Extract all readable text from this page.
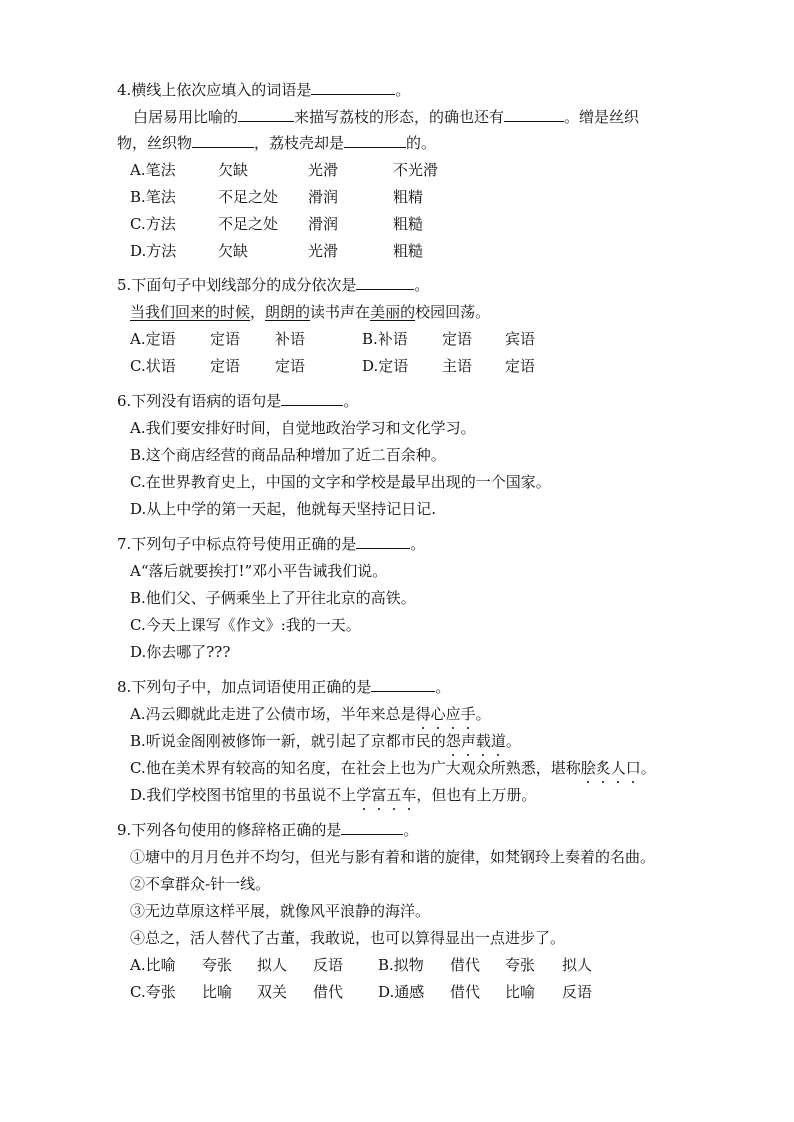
4.横线上依次应填入的词语是	。
白居易用比喻的	来描写荔枝的形态，的确也还有	。缯是丝织
物，丝织物	，荔枝壳却是	的。
A.笔法	欠缺	光滑	不光滑
B.笔法	不足之处 滑润	粗精
C.方法	不足之处 滑润	粗糙
D.方法	欠缺	光滑	粗糙
5.下面句子中划线部分的成分依次是	。
当我们回来的时候，朗朗的读书声在美丽的校园回荡。
A.定语 定语 补语	B.补语 定语 宾语
C.状语 定语 定语	D.定语 主语 定语
6.下列没有语病的语句是	。
A.我们要安排好时间，自觉地政治学习和文化学习。
B.这个商店经营的商品品种增加了近二百余种。
C.在世界教育史上，中国的文字和学校是最早出现的一个国家。
D.从上中学的第一天起，他就每天坚持记日记.
7.下列句子中标点符号使用正确的是	。
A“落后就要挨打!”邓小平告诫我们说。
B.他们父、子俩乘坐上了开往北京的高铁。
C.今天上课写《作文》:我的一天。
D.你去哪了???
8.下列句子中，加点词语使用正确的是	。
A.冯云卿就此走进了公债市场，半年来总是得心应手。
B.听说金阁刚被修饰一新，就引起了京都市民的怨声载道。
C.他在美术界有较高的知名度，在社会上也为广大观众所熟悉，堪称脍炙人口。
D.我们学校图书馆里的书虽说不上学富五车，但也有上万册。
9.下列各句使用的修辞格正确的是	。
①塘中的月月色并不均匀，但光与影有着和谐的旋律，如梵钢玲上奏着的名曲。
②不拿群众-针一线。
③无边草原这样平展，就像风平浪静的海洋。
④总之，活人替代了古董，我敢说，也可以算得显出一点进步了。
A.比喻 夸张 拟人 反语 B.拟物 借代 夸张 拟人
C.夸张 比喻 双关 借代 D.通感 借代 比喻 反语
